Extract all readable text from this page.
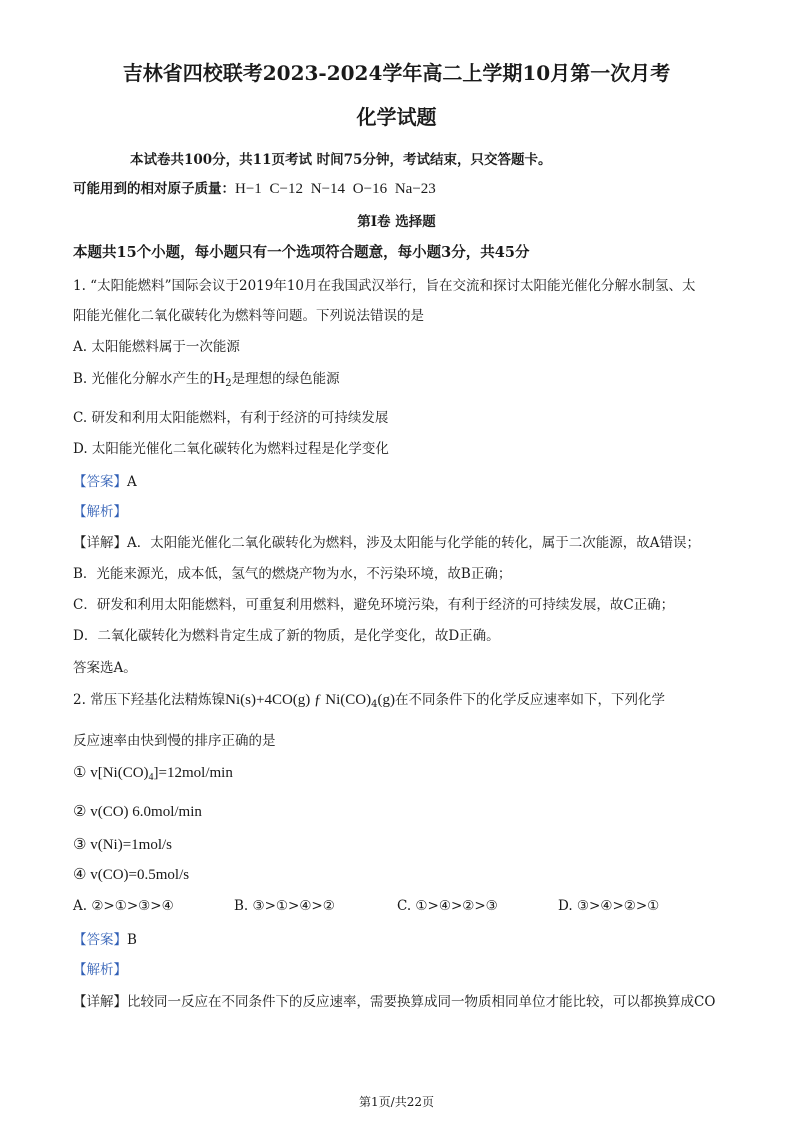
吉林省四校联考2023-2024学年高二上学期10月第一次月考
化学试题
本试卷共100分，共11页考试 时间75分钟，考试结束，只交答题卡。
可能用到的相对原子质量：H−1 C−12 N−14 O−16 Na−23
第Ⅰ卷 选择题
本题共15个小题，每小题只有一个选项符合题意，每小题3分，共45分
1. “太阳能燃料”国际会议于2019年10月在我国武汉举行，旨在交流和探讨太阳能光催化分解水制氢、太
阳能光催化二氧化碳转化为燃料等问题。下列说法错误的是
A. 太阳能燃料属于一次能源
B. 光催化分解水产生的$H_2$是理想的绿色能源
C. 研发和利用太阳能燃料，有利于经济的可持续发展
D. 太阳能光催化二氧化碳转化为燃料过程是化学变化
【答案】A
【解析】
【详解】A．太阳能光催化二氧化碳转化为燃料，涉及太阳能与化学能的转化，属于二次能源，故A错误；
B．光能来源光，成本低，氢气的燃烧产物为水，不污染环境，故B正确；
C．研发和利用太阳能燃料，可重复利用燃料，避免环境污染，有利于经济的可持续发展，故C正确；
D．二氧化碳转化为燃料肯定生成了新的物质，是化学变化，故D正确。
答案选A。
2. 常压下羟基化法精炼镍Ni(s)+4CO(g) ƒ $Ni(CO)_4(g)$在不同条件下的化学反应速率如下，下列化学
反应速率由快到慢的排序正确的是
① $v[Ni(CO)_4]=12mol/\min$
② v(CO) 6.0mol/min
③ v(Ni)=1mol/s
④ v(CO)=0.5mol/s
A. ②>①>③>④	B. ③>①>④>②	C. ①>④>②>③	D. ③>④>②>①
【答案】B
【解析】
【详解】比较同一反应在不同条件下的反应速率，需要换算成同一物质相同单位才能比较，可以都换算成CO
第1页/共22页
